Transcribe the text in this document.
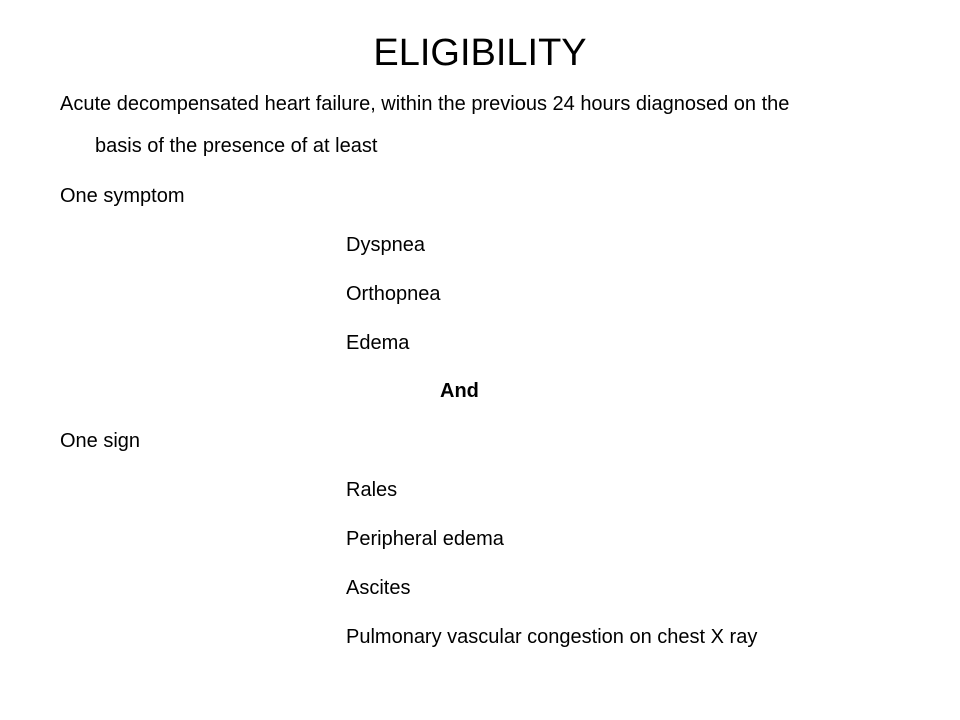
ELIGIBILITY

Acute decompensated heart failure, within the previous 24 hours diagnosed on the

basis of the presence of at least

One symptom

Dyspnea

Orthopnea

Edema

And

One sign

Rales

Peripheral edema

Ascites

Pulmonary vascular congestion on chest X ray
